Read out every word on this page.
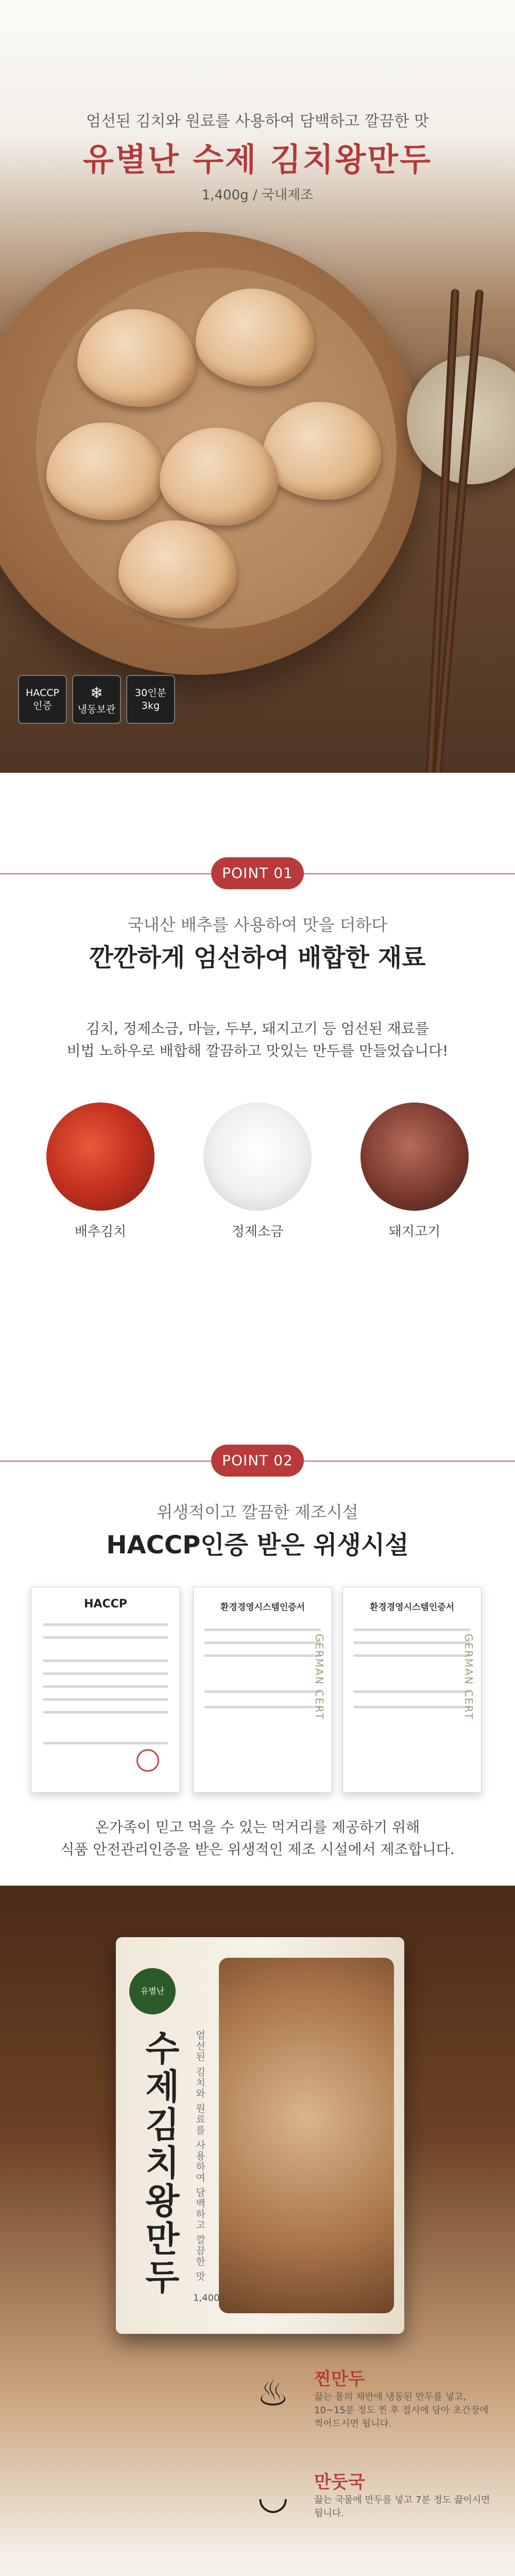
엄선된 김치와 원료를 사용하여 담백하고 깔끔한 맛
유별난 수제 김치왕만두
1,400g / 국내제조
HACCP
인증
❄
냉동보관
30인분
3kg
POINT 01
국내산 배추를 사용하여 맛을 더하다
깐깐하게 엄선하여 배합한 재료
김치, 정제소금, 마늘, 두부, 돼지고기 등 엄선된 재료를
비법 노하우로 배합해 깔끔하고 맛있는 만두를 만들었습니다!
배추김치	정제소금	돼지고기
POINT 02
위생적이고 깔끔한 제조시설
HACCP인증 받은 위생시설
HACCP	환경경영시스템인증서
GERMAN CERT
환경경영시스템인증서
GERMAN CERT
온가족이 믿고 먹을 수 있는 먹거리를 제공하기 위해
식품 안전관리인증을 받은 위생적인 제조 시설에서 제조합니다.
유별난
수제김치왕만두	엄선된 김치와 원료를 사용하여 담백하고 깔끔한 맛
1,400g
♨	찐만두
끓는 물의 채반에 냉동된 만두를 넣고, 10~15분 정도 찐 후 접시에 담아 초간장에 찍어드시면 됩니다.
◡	만둣국
끓는 국물에 만두를 넣고 7분 정도 끓이시면 됩니다.
